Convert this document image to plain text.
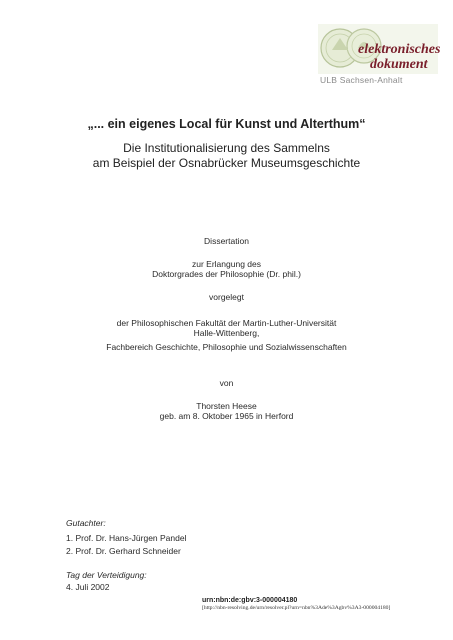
elektronisches
dokument
ULB Sachsen-Anhalt
„... ein eigenes Local für Kunst und Alterthum“
Die Institutionalisierung des Sammelns
am Beispiel der Osnabrücker Museumsgeschichte
Dissertation
zur Erlangung des
Doktorgrades der Philosophie (Dr. phil.)
vorgelegt
der Philosophischen Fakultät der Martin-Luther-Universität
Halle-Wittenberg,
Fachbereich Geschichte, Philosophie und Sozialwissenschaften
von
Thorsten Heese
geb. am 8. Oktober 1965 in Herford
Gutachter:
1. Prof. Dr. Hans-Jürgen Pandel
2. Prof. Dr. Gerhard Schneider
Tag der Verteidigung:
4. Juli 2002
urn:nbn:de:gbv:3-000004180
[http://nbn-resolving.de/urn/resolver.pl?urn=nbn%3Ade%3Agbv%3A3-000004180]
